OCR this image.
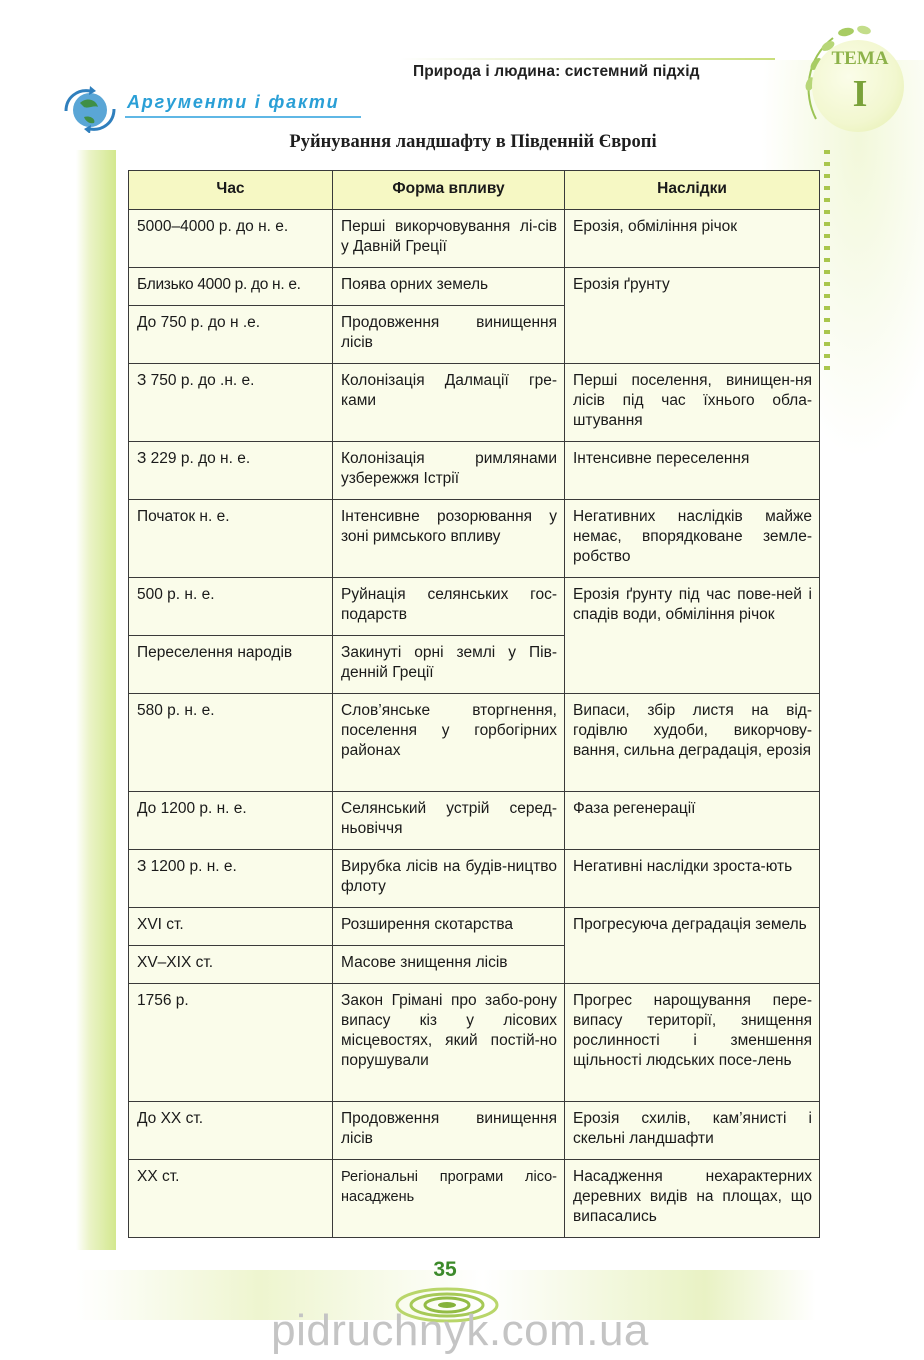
Природа і людина: системний підхід
ТЕМА
I
Аргументи і факти
Руйнування ландшафту в Південній Європі
Час	Форма впливу	Наслідки
5000–4000 р. до н. е.	Перші викорчовування лі-сів у Давній Греції	Ерозія, обміління річок
Близько 4000 р. до н. е.	Поява орних земель	Ерозія ґрунту
До 750 р. до н .е.	Продовження винищення лісів	
З 750 р. до .н. е.	Колонізація Далмації гре-ками	Перші поселення, винищен-ня лісів під час їхнього обла-штування
З 229 р. до н. е.	Колонізація римлянами узбережжя Істрії	Інтенсивне переселення
Початок н. е.	Інтенсивне розорювання у зоні римського впливу	Негативних наслідків майже немає, впорядковане земле-робство
500 р. н. е.	Руйнація селянських гос-подарств	Ерозія ґрунту під час пове-ней і спадів води, обміління річок
Переселення народів	Закинуті орні землі у Пів-денній Греції	
580 р. н. е.	Слов’янське вторгнення, поселення у горбогірних районах	Випаси, збір листя на від-годівлю худоби, викорчову-вання, сильна деградація, ерозія
До 1200 р. н. е.	Селянський устрій серед-ньовіччя	Фаза регенерації
З 1200 р. н. е.	Вирубка лісів на будів-ництво флоту	Негативні наслідки зроста-ють
XVI ст.	Розширення скотарства	Прогресуюча деградація земель
XV–XIX ст.	Масове знищення лісів	
1756 р.	Закон Грімані про забо-рону випасу кіз у лісових місцевостях, який постій-но порушували	Прогрес нарощування пере-випасу території, знищення рослинності і зменшення щільності людських посе-лень
До XX ст.	Продовження винищення лісів	Ерозія схилів, кам’янисті і скельні ландшафти
XX ст.	Регіональні програми лісо-насаджень	Насадження нехарактерних деревних видів на площах, що випасались
35
pidruchnyk.com.ua
